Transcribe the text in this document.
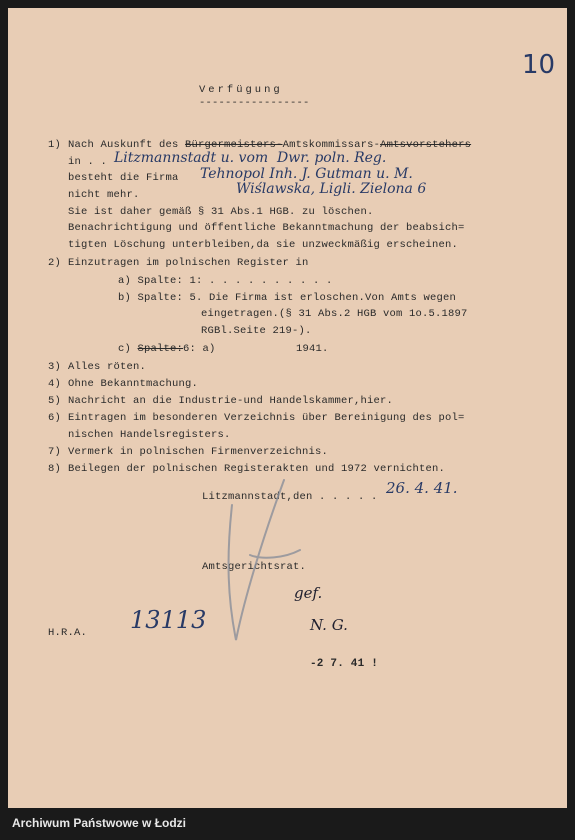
10
Verfügung
-----------------
1) Nach Auskunft des Bürgermeisters-Amtskommissars-Amtsvorstehers
in . . Litzmannstadt u. vom  Dwr. poln. Reg.
besteht die Firma Tehnopol Inh. J. Gutman u. M.
nicht mehr.	Wiślawska, Ligli. Zielona 6
Sie ist daher gemäß § 31 Abs.1 HGB. zu löschen.
Benachrichtigung und öffentliche Bekanntmachung der beabsich=
tigten Löschung unterbleiben,da sie unzweckmäßig erscheinen.
2) Einzutragen im polnischen Register in
a) Spalte: 1: . . . . . . . . . .
b) Spalte: 5. Die Firma ist erloschen.Von Amts wegen
eingetragen.(§ 31 Abs.2 HGB vom 1o.5.1897
RGBl.Seite 219-).
c) Spalte:6: a)	1941.
3) Alles röten.
4) Ohne Bekanntmachung.
5) Nachricht an die Industrie-und Handelskammer,hier.
6) Eintragen im besonderen Verzeichnis über Bereinigung des pol=
nischen Handelsregisters.
7) Vermerk in polnischen Firmenverzeichnis.
8) Beilegen der polnischen Registerakten und 1972 vernichten.
Litzmannstadt,den . . . . . 26. 4. 41.
Amtsgerichtsrat.
H.R.A. 13113
gef.
N. G.
-2 7. 41 !
Archiwum Państwowe w Łodzi
